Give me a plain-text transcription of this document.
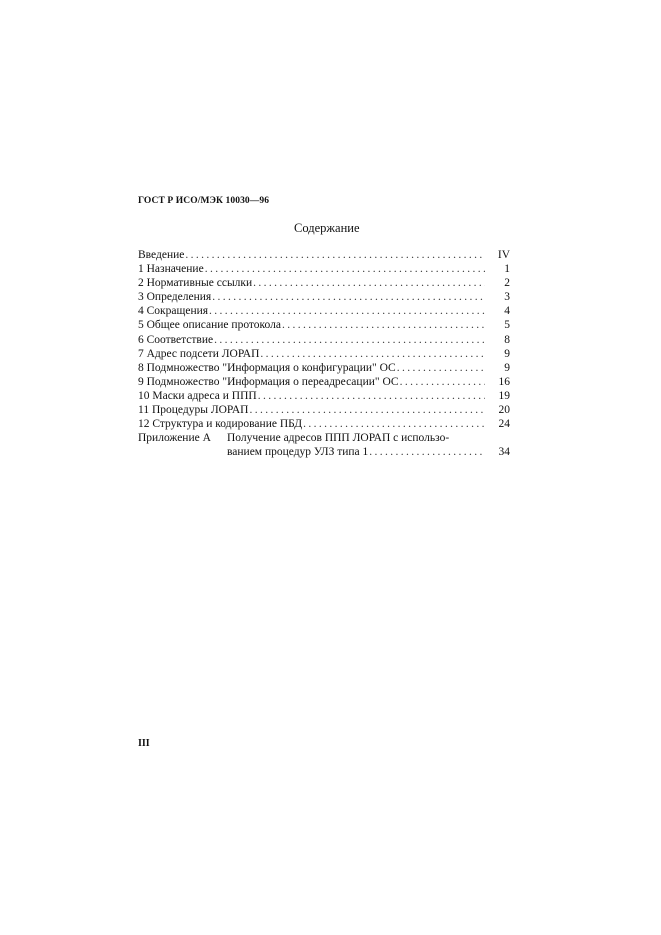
ГОСТ Р ИСО/МЭК 10030—96
Содержание
Введение . . .	IV
1 Назначение . . .	1
2 Нормативные ссылки . . .	2
3 Определения . . .	3
4 Сокращения . . .	4
5 Общее описание протокола . . .	5
6 Соответствие . . .	8
7 Адрес подсети ЛОРАП . . .	9
8 Подмножество "Информация о конфигурации" ОС . . .	9
9 Подмножество "Информация о переадресации" ОС . . .	16
10 Маски адреса и ППП . . .	19
11 Процедуры ЛОРАП . . .	20
12 Структура и кодирование ПБД . . .	24
Приложение А	Получение адресов ППП ЛОРАП с использо-
ванием процедур УЛЗ типа 1 . . .	34
III
